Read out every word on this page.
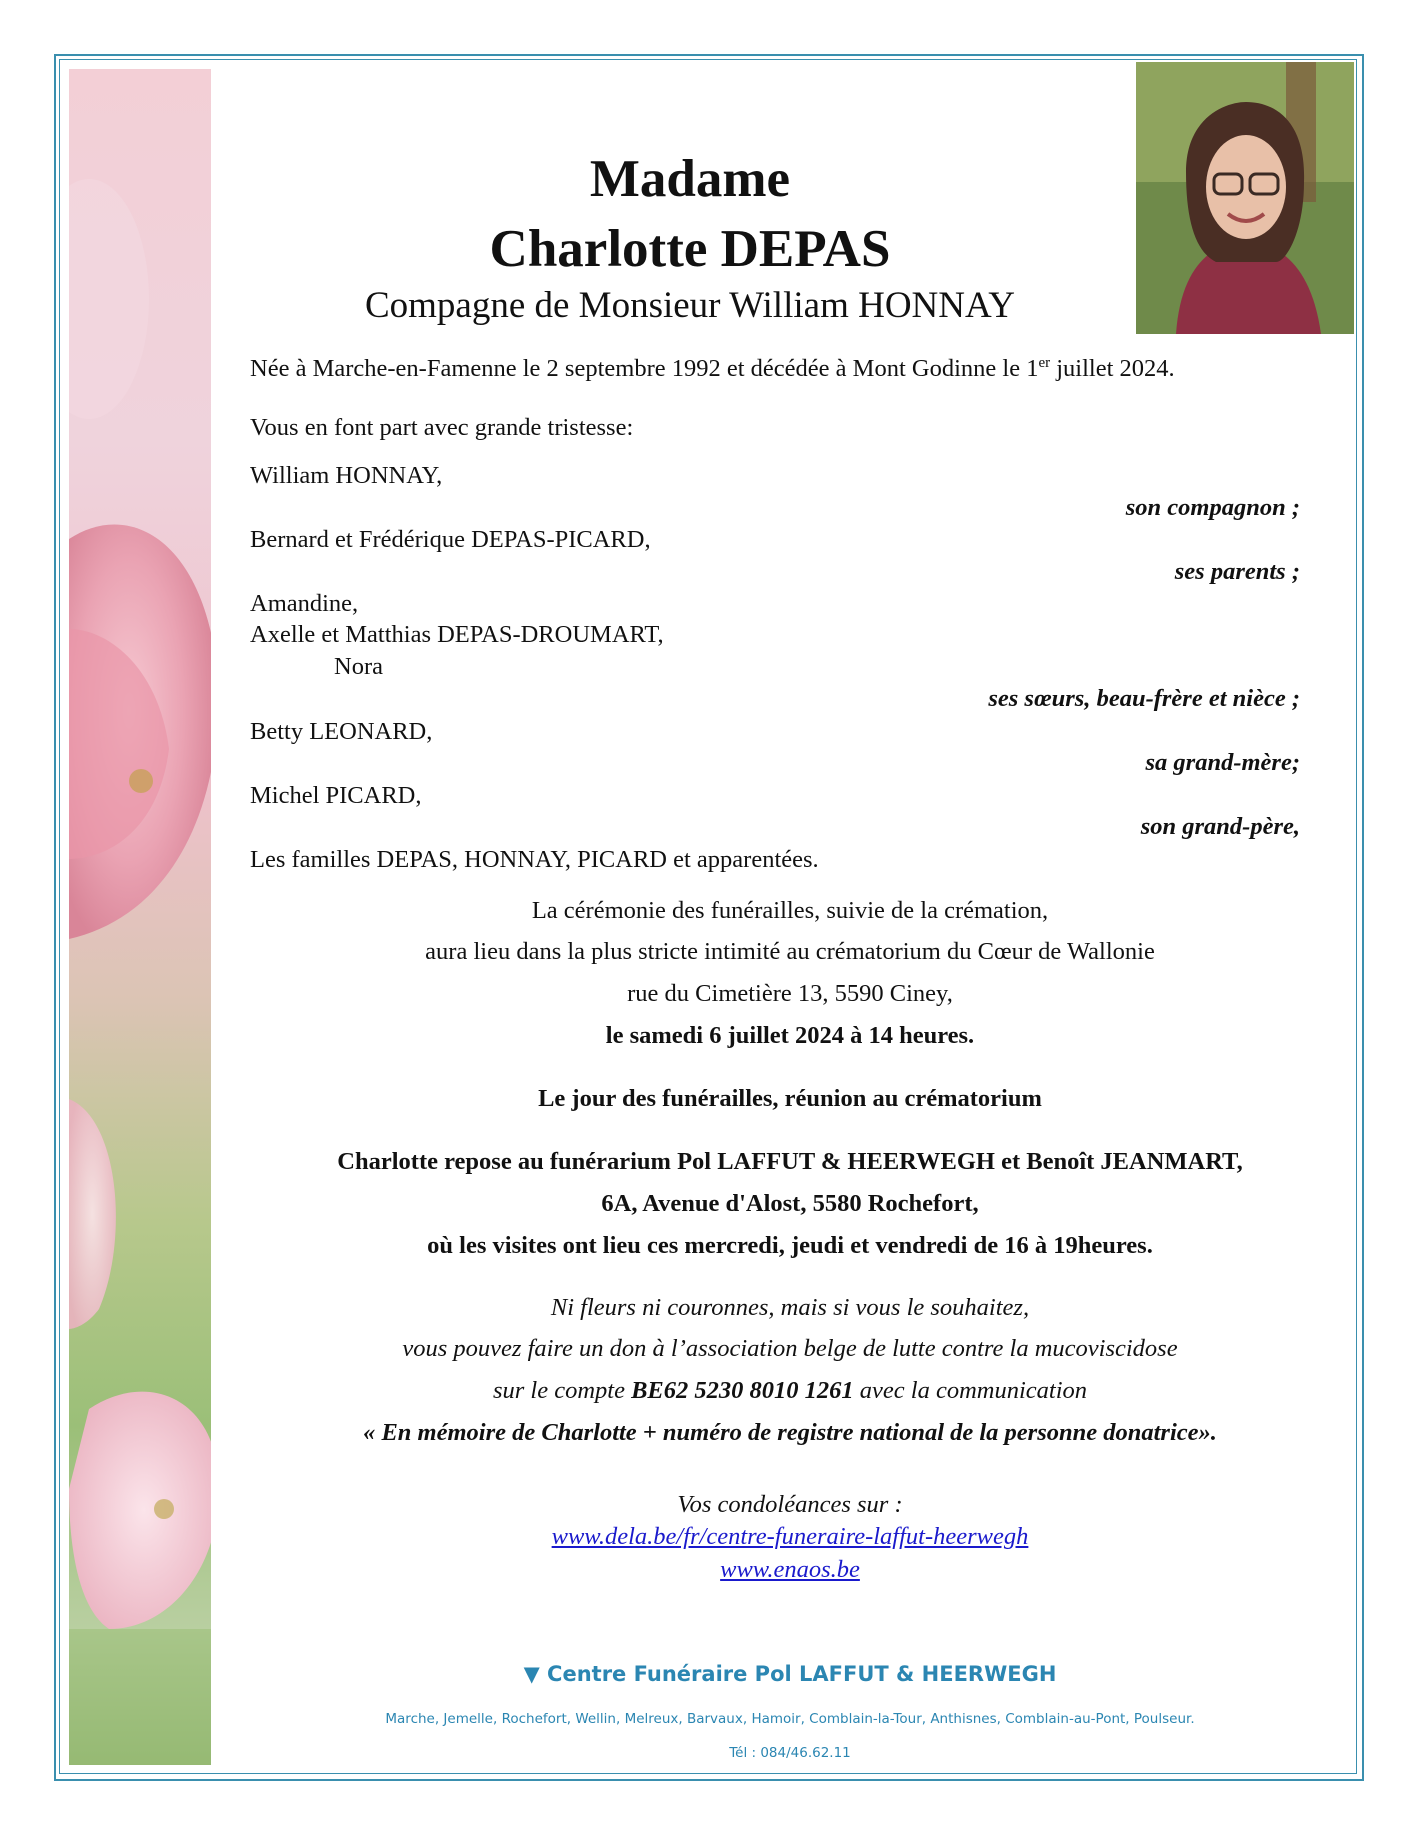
Madame
Charlotte DEPAS
Compagne de Monsieur William HONNAY
Née à Marche-en-Famenne le 2 septembre 1992 et décédée à Mont Godinne le 1er juillet 2024.
Vous en font part avec grande tristesse:
William HONNAY,
son compagnon ;
Bernard et Frédérique DEPAS-PICARD,
ses parents ;
Amandine,
Axelle et Matthias DEPAS-DROUMART,
Nora
ses sœurs, beau-frère et nièce ;
Betty LEONARD,
sa grand-mère;
Michel PICARD,
son grand-père,
Les familles DEPAS, HONNAY, PICARD et apparentées.
La cérémonie des funérailles, suivie de la crémation,
aura lieu dans la plus stricte intimité au crématorium du Cœur de Wallonie
rue du Cimetière 13, 5590 Ciney,
le samedi 6 juillet 2024 à 14 heures.
Le jour des funérailles, réunion au crématorium
Charlotte repose au funérarium Pol LAFFUT & HEERWEGH et Benoît JEANMART,
6A, Avenue d'Alost, 5580 Rochefort,
où les visites ont lieu ces mercredi, jeudi et vendredi de 16 à 19heures.
Ni fleurs ni couronnes, mais si vous le souhaitez,
vous pouvez faire un don à l’association belge de lutte contre la mucoviscidose
sur le compte BE62 5230 8010 1261 avec la communication
« En mémoire de Charlotte + numéro de registre national de la personne donatrice».
Vos condoléances sur :
www.dela.be/fr/centre-funeraire-laffut-heerwegh
www.enaos.be
▼ Centre Funéraire Pol LAFFUT & HEERWEGH
Marche, Jemelle, Rochefort, Wellin, Melreux, Barvaux, Hamoir, Comblain-la-Tour, Anthisnes, Comblain-au-Pont, Poulseur.
Tél : 084/46.62.11
